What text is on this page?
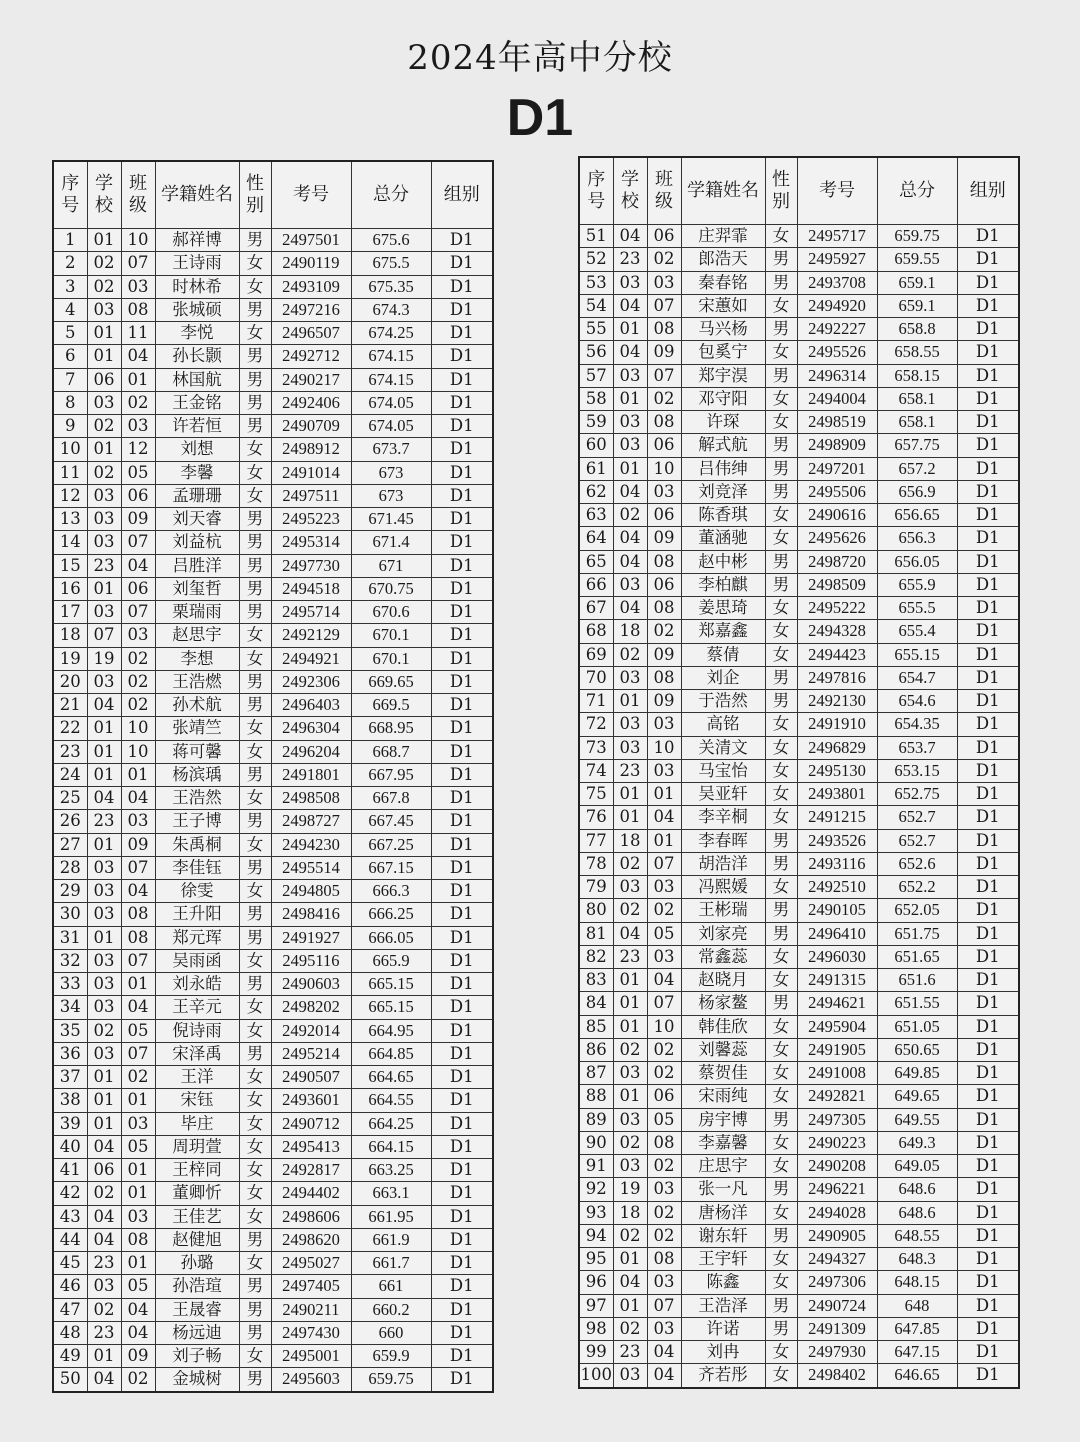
2024年高中分校
D1
序号	学校	班级	学籍姓名	性别	考号	总分	组别
1	01	10	郝祥博	男	2497501	675.6	D1
2	02	07	王诗雨	女	2490119	675.5	D1
3	02	03	时林希	女	2493109	675.35	D1
4	03	08	张城硕	男	2497216	674.3	D1
5	01	11	李悦	女	2496507	674.25	D1
6	01	04	孙长颢	男	2492712	674.15	D1
7	06	01	林国航	男	2490217	674.15	D1
8	03	02	王金铭	男	2492406	674.05	D1
9	02	03	许若恒	男	2490709	674.05	D1
10	01	12	刘想	女	2498912	673.7	D1
11	02	05	李馨	女	2491014	673	D1
12	03	06	孟珊珊	女	2497511	673	D1
13	03	09	刘天睿	男	2495223	671.45	D1
14	03	07	刘益杭	男	2495314	671.4	D1
15	23	04	吕胜洋	男	2497730	671	D1
16	01	06	刘玺哲	男	2494518	670.75	D1
17	03	07	栗瑞雨	男	2495714	670.6	D1
18	07	03	赵思宇	女	2492129	670.1	D1
19	19	02	李想	女	2494921	670.1	D1
20	03	02	王浩燃	男	2492306	669.65	D1
21	04	02	孙术航	男	2496403	669.5	D1
22	01	10	张靖竺	女	2496304	668.95	D1
23	01	10	蒋可馨	女	2496204	668.7	D1
24	01	01	杨滨瑀	男	2491801	667.95	D1
25	04	04	王浩然	女	2498508	667.8	D1
26	23	03	王子博	男	2498727	667.45	D1
27	01	09	朱禹桐	女	2494230	667.25	D1
28	03	07	李佳钰	男	2495514	667.15	D1
29	03	04	徐雯	女	2494805	666.3	D1
30	03	08	王升阳	男	2498416	666.25	D1
31	01	08	郑元珲	男	2491927	666.05	D1
32	03	07	吴雨函	女	2495116	665.9	D1
33	03	01	刘永皓	男	2490603	665.15	D1
34	03	04	王辛元	女	2498202	665.15	D1
35	02	05	倪诗雨	女	2492014	664.95	D1
36	03	07	宋泽禹	男	2495214	664.85	D1
37	01	02	王洋	女	2490507	664.65	D1
38	01	01	宋钰	女	2493601	664.55	D1
39	01	03	毕庄	女	2490712	664.25	D1
40	04	05	周玥萱	女	2495413	664.15	D1
41	06	01	王梓同	女	2492817	663.25	D1
42	02	01	董卿忻	女	2494402	663.1	D1
43	04	03	王佳艺	女	2498606	661.95	D1
44	04	08	赵健旭	男	2498620	661.9	D1
45	23	01	孙璐	女	2495027	661.7	D1
46	03	05	孙浩瑄	男	2497405	661	D1
47	02	04	王晟睿	男	2490211	660.2	D1
48	23	04	杨远迪	男	2497430	660	D1
49	01	09	刘子畅	女	2495001	659.9	D1
50	04	02	金城树	男	2495603	659.75	D1
序号	学校	班级	学籍姓名	性别	考号	总分	组别
51	04	06	庄羿霏	女	2495717	659.75	D1
52	23	02	郎浩天	男	2495927	659.55	D1
53	03	03	秦春铭	男	2493708	659.1	D1
54	04	07	宋蕙如	女	2494920	659.1	D1
55	01	08	马兴杨	男	2492227	658.8	D1
56	04	09	包奚宁	女	2495526	658.55	D1
57	03	07	郑宇淏	男	2496314	658.15	D1
58	01	02	邓守阳	女	2494004	658.1	D1
59	03	08	许琛	女	2498519	658.1	D1
60	03	06	解式航	男	2498909	657.75	D1
61	01	10	吕伟绅	男	2497201	657.2	D1
62	04	03	刘竞泽	男	2495506	656.9	D1
63	02	06	陈香琪	女	2490616	656.65	D1
64	04	09	董涵驰	女	2495626	656.3	D1
65	04	08	赵中彬	男	2498720	656.05	D1
66	03	06	李柏麒	男	2498509	655.9	D1
67	04	08	姜思琦	女	2495222	655.5	D1
68	18	02	郑嘉鑫	女	2494328	655.4	D1
69	02	09	蔡倩	女	2494423	655.15	D1
70	03	08	刘企	男	2497816	654.7	D1
71	01	09	于浩然	男	2492130	654.6	D1
72	03	03	高铭	女	2491910	654.35	D1
73	03	10	关清文	女	2496829	653.7	D1
74	23	03	马宝怡	女	2495130	653.15	D1
75	01	01	吴亚轩	女	2493801	652.75	D1
76	01	04	李辛桐	女	2491215	652.7	D1
77	18	01	李春晖	男	2493526	652.7	D1
78	02	07	胡浩洋	男	2493116	652.6	D1
79	03	03	冯熙媛	女	2492510	652.2	D1
80	02	02	王彬瑞	男	2490105	652.05	D1
81	04	05	刘家亮	男	2496410	651.75	D1
82	23	03	常鑫蕊	女	2496030	651.65	D1
83	01	04	赵晓月	女	2491315	651.6	D1
84	01	07	杨家鳌	男	2494621	651.55	D1
85	01	10	韩佳欣	女	2495904	651.05	D1
86	02	02	刘馨蕊	女	2491905	650.65	D1
87	03	02	蔡贺佳	女	2491008	649.85	D1
88	01	06	宋雨纯	女	2492821	649.65	D1
89	03	05	房宇博	男	2497305	649.55	D1
90	02	08	李嘉馨	女	2490223	649.3	D1
91	03	02	庄思宇	女	2490208	649.05	D1
92	19	03	张一凡	男	2496221	648.6	D1
93	18	02	唐杨洋	女	2494028	648.6	D1
94	02	02	谢东轩	男	2490905	648.55	D1
95	01	08	王宇轩	女	2494327	648.3	D1
96	04	03	陈鑫	女	2497306	648.15	D1
97	01	07	王浩泽	男	2490724	648	D1
98	02	03	许诺	男	2491309	647.85	D1
99	23	04	刘冉	女	2497930	647.15	D1
100	03	04	齐若彤	女	2498402	646.65	D1
